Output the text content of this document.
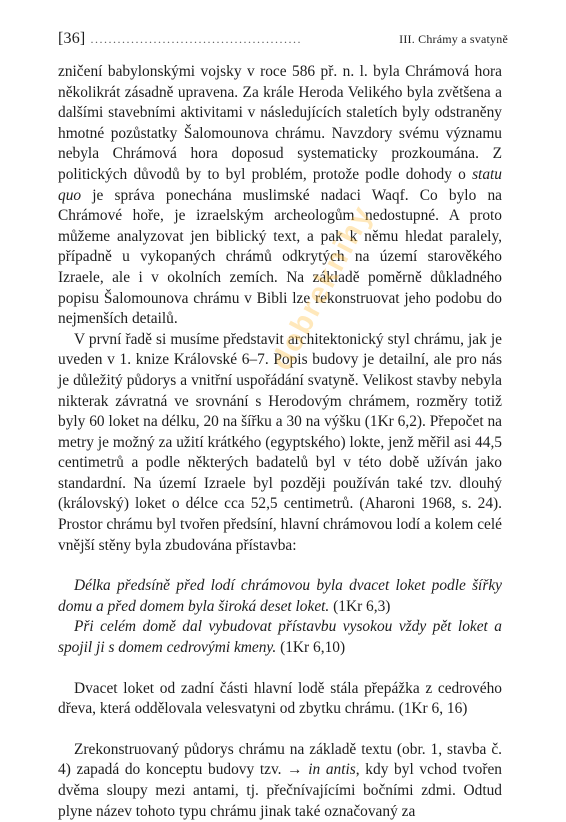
[36] ...............................................	III. Chrámy a svatyně

zničení babylonskými vojsky v roce 586 př. n. l. byla Chrámová hora několikrát zásadně upravena. Za krále Heroda Velikého byla zvětšena a dalšími stavebními aktivitami v následujících staletích byly odstraněny hmotné pozůstatky Šalomounova chrámu. Navzdory svému významu nebyla Chrámová hora doposud systematicky prozkoumána. Z politických důvodů by to byl problém, protože podle dohody o statu quo je správa ponechána muslimské nadaci Waqf. Co bylo na Chrámové hoře, je izraelským archeologům nedostupné. A proto můžeme analyzovat jen biblický text, a pak k němu hledat paralely, případně u vykopaných chrámů odkrytých na území starověkého Izraele, ale i v okolních zemích. Na základě poměrně důkladného popisu Šalomounova chrámu v Bibli lze rekonstruovat jeho podobu do nejmenších detailů.

V první řadě si musíme představit architektonický styl chrámu, jak je uveden v 1. knize Královské 6–7. Popis budovy je detailní, ale pro nás je důležitý půdorys a vnitřní uspořádání svatyně. Velikost stavby nebyla nikterak závratná ve srovnání s Herodovým chrámem, rozměry totiž byly 60 loket na délku, 20 na šířku a 30 na výšku (1Kr 6,2). Přepočet na metry je možný za užití krátkého (egyptského) lokte, jenž měřil asi 44,5 centimetrů a podle některých badatelů byl v této době užíván jako standardní. Na území Izraele byl později používán také tzv. dlouhý (královský) loket o délce cca 52,5 centimetrů. (Aharoni 1968, s. 24). Prostor chrámu byl tvořen předsíní, hlavní chrámovou lodí a kolem celé vnější stěny byla zbudována přístavba:

Délka předsíně před lodí chrámovou byla dvacet loket podle šířky domu a před domem byla široká deset loket. (1Kr 6,3)

Při celém domě dal vybudovat přístavbu vysokou vždy pět loket a spojil ji s domem cedrovými kmeny. (1Kr 6,10)

Dvacet loket od zadní části hlavní lodě stála přepážka z cedrového dřeva, která oddělovala velesvatyni od zbytku chrámu. (1Kr 6, 16)

Zrekonstruovaný půdorys chrámu na základě textu (obr. 1, stavba č. 4) zapadá do konceptu budovy tzv. → in antis, kdy byl vchod tvořen dvěma sloupy mezi antami, tj. přečnívajícími bočními zdmi. Odtud plyne název tohoto typu chrámu jinak také označovaný za

dobreknihy
